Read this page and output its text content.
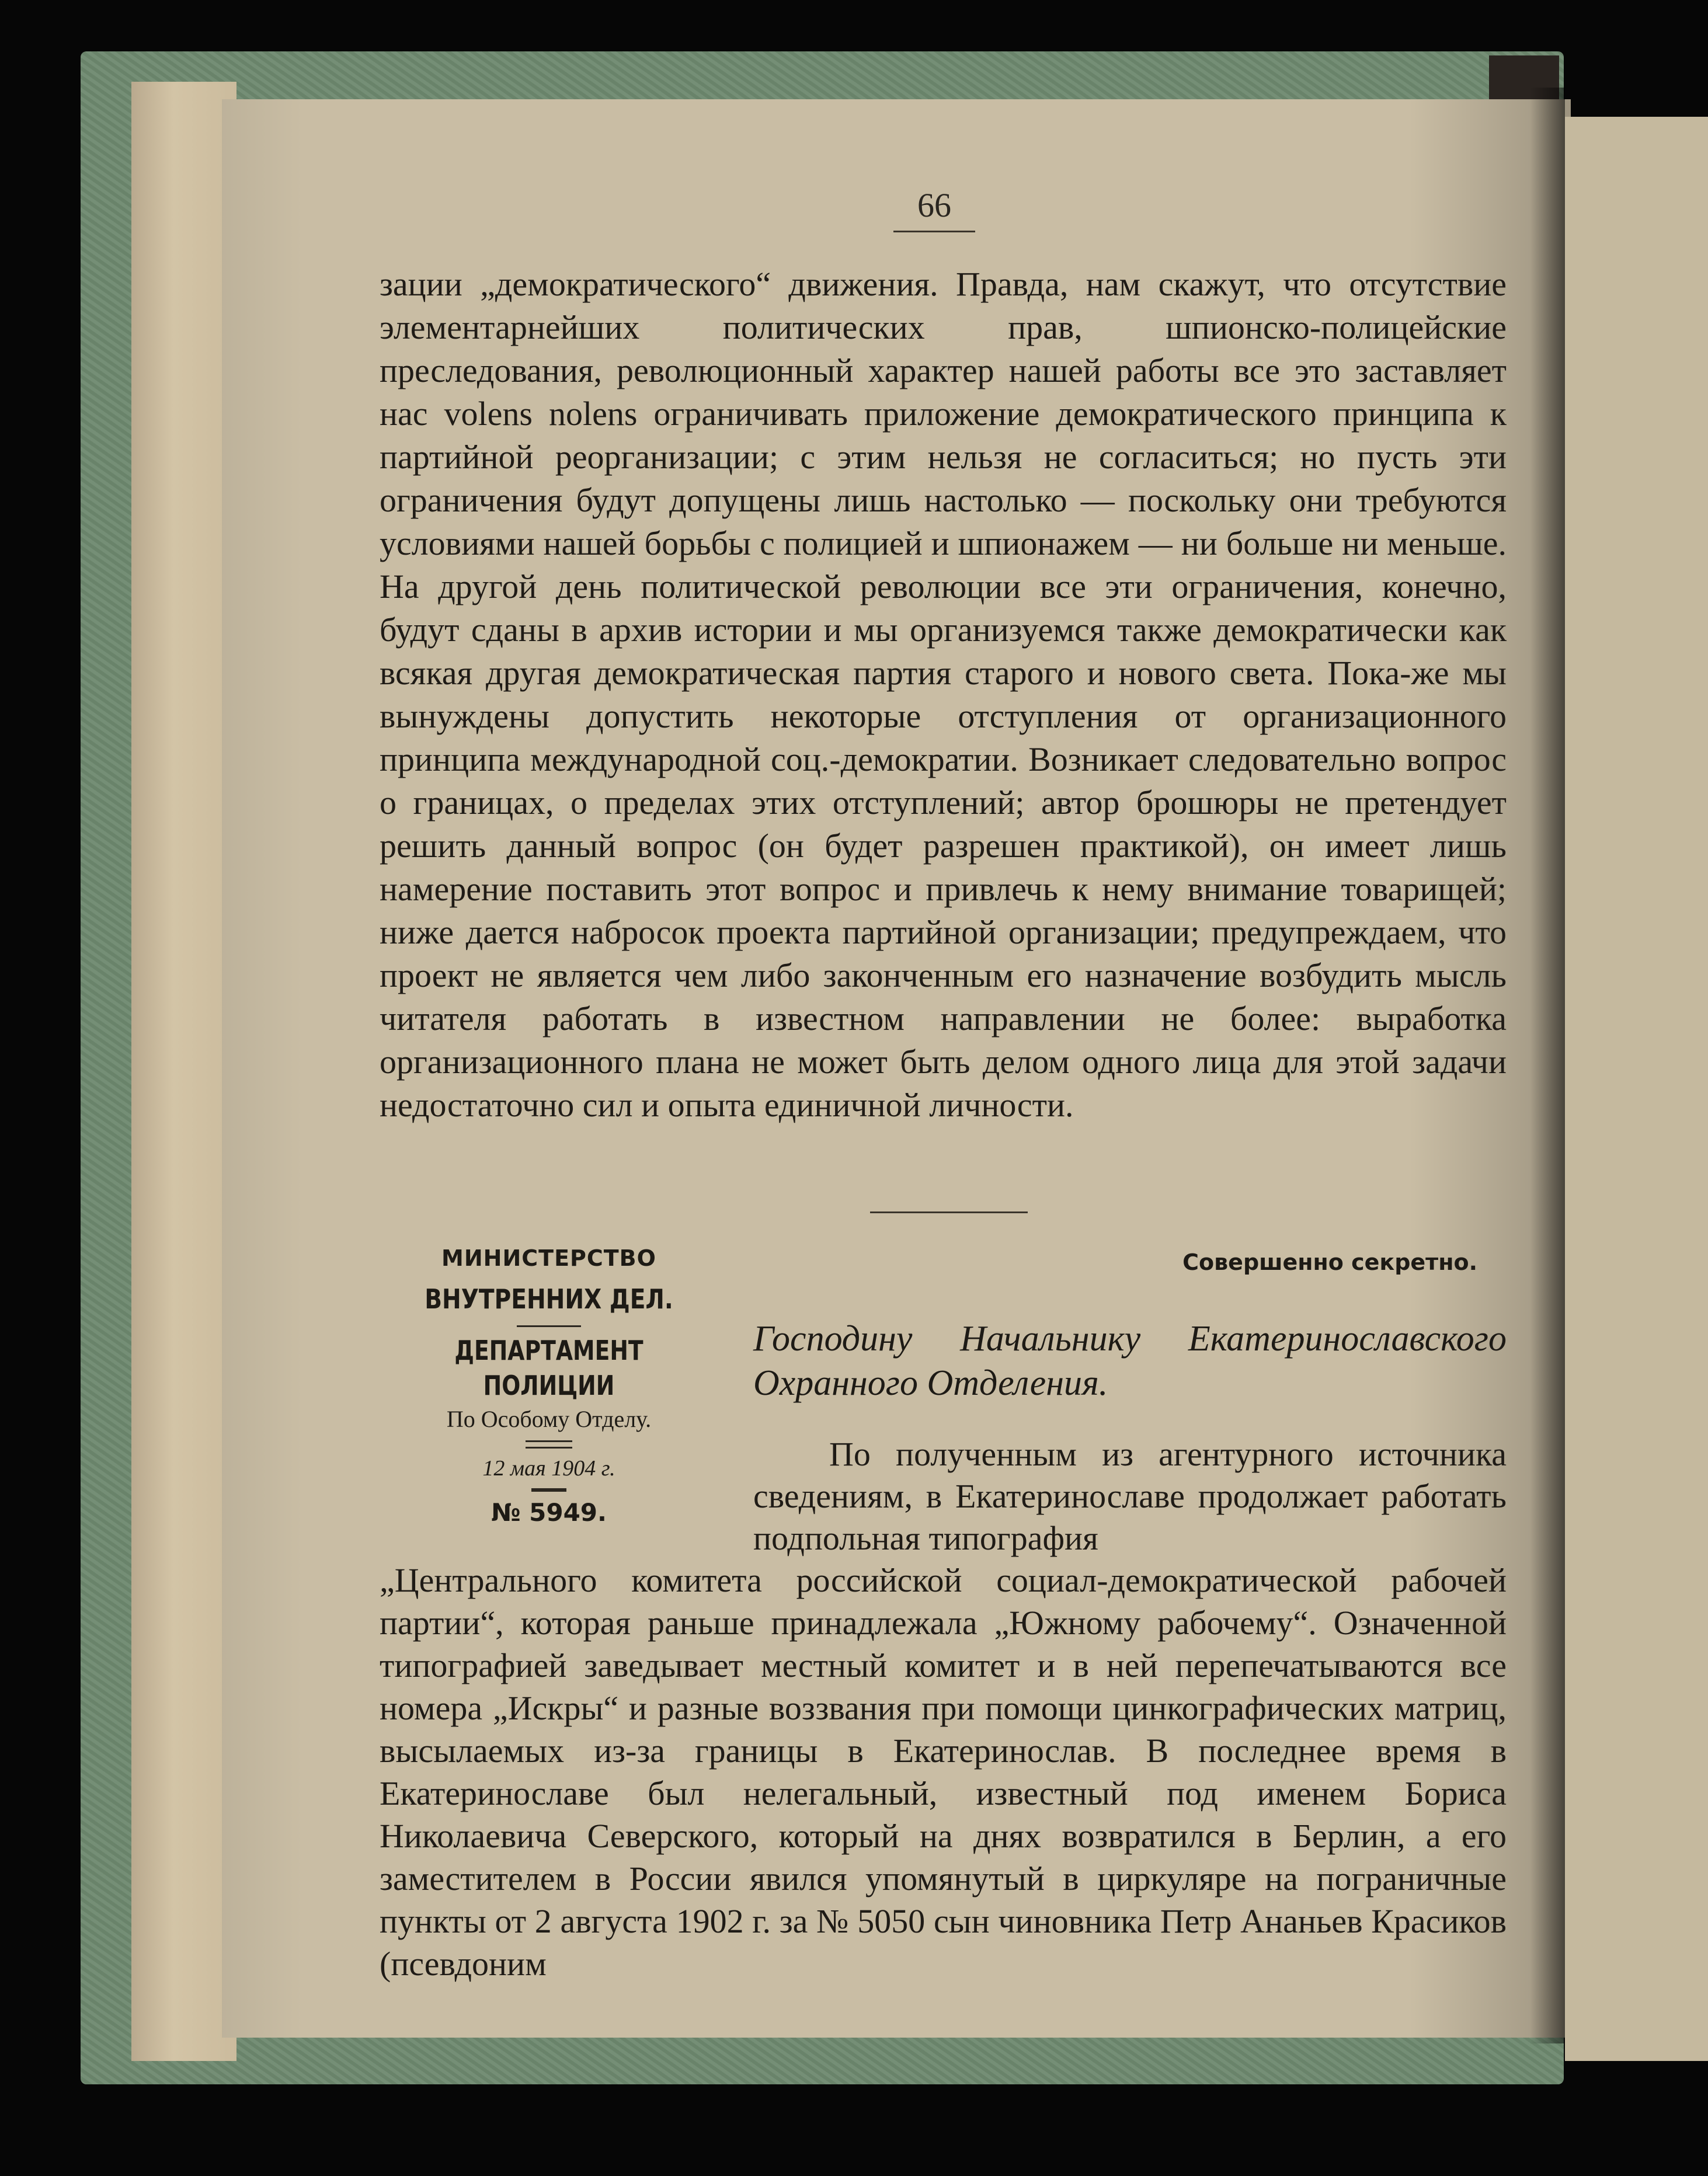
66
зации „демократического“ движения. Правда, нам скажут, что отсутствие элементарнейших политических прав, шпионско-полицейские преследования, революционный характер нашей работы все это заставляет нас volens nolens ограничивать приложение демократического принципа к партийной реорганизации; с этим нельзя не согласиться; но пусть эти ограничения будут допущены лишь настолько — поскольку они требуются условиями нашей борьбы с полицией и шпионажем — ни больше ни меньше. На другой день политической революции все эти ограничения, конечно, будут сданы в архив истории и мы организуемся также демократически как всякая другая демократическая партия старого и нового света. Пока-же мы вынуждены допустить некоторые отступления от организационного принципа международной соц.-демократии. Возникает следовательно вопрос о границах, о пределах этих отступлений; автор брошюры не претендует решить данный вопрос (он будет разрешен практикой), он имеет лишь намерение поставить этот вопрос и привлечь к нему внимание товарищей; ниже дается набросок проекта партийной организации; предупреждаем, что проект не является чем либо законченным его назначение возбудить мысль читателя работать в известном направлении не более: выработка организационного плана не может быть делом одного лица для этой задачи недостаточно сил и опыта единичной личности.
МИНИСТЕРСТВО
ВНУТРЕННИХ ДЕЛ.
ДЕПАРТАМЕНТ ПОЛИЦИИ
По Особому Отделу.
12 мая 1904 г.
№ 5949.
Совершенно секретно.
Господину Начальнику Екатеринославского Охранного Отделения.
По полученным из агентурного источника сведениям, в Екатеринославе продолжает работать подпольная типография
„Центрального комитета российской социал-демократической рабочей партии“, которая раньше принадлежала „Южному рабочему“. Означенной типографией заведывает местный комитет и в ней перепечатываются все номера „Искры“ и разные воззвания при помощи цинкографических матриц, высылаемых из-за границы в Екатеринослав. В последнее время в Екатеринославе был нелегальный, известный под именем Бориса Николаевича Северского, который на днях возвратился в Берлин, а его заместителем в России явился упомянутый в циркуляре на пограничные пункты от 2 августа 1902 г. за № 5050 сын чиновника Петр Ананьев Красиков (псевдоним
